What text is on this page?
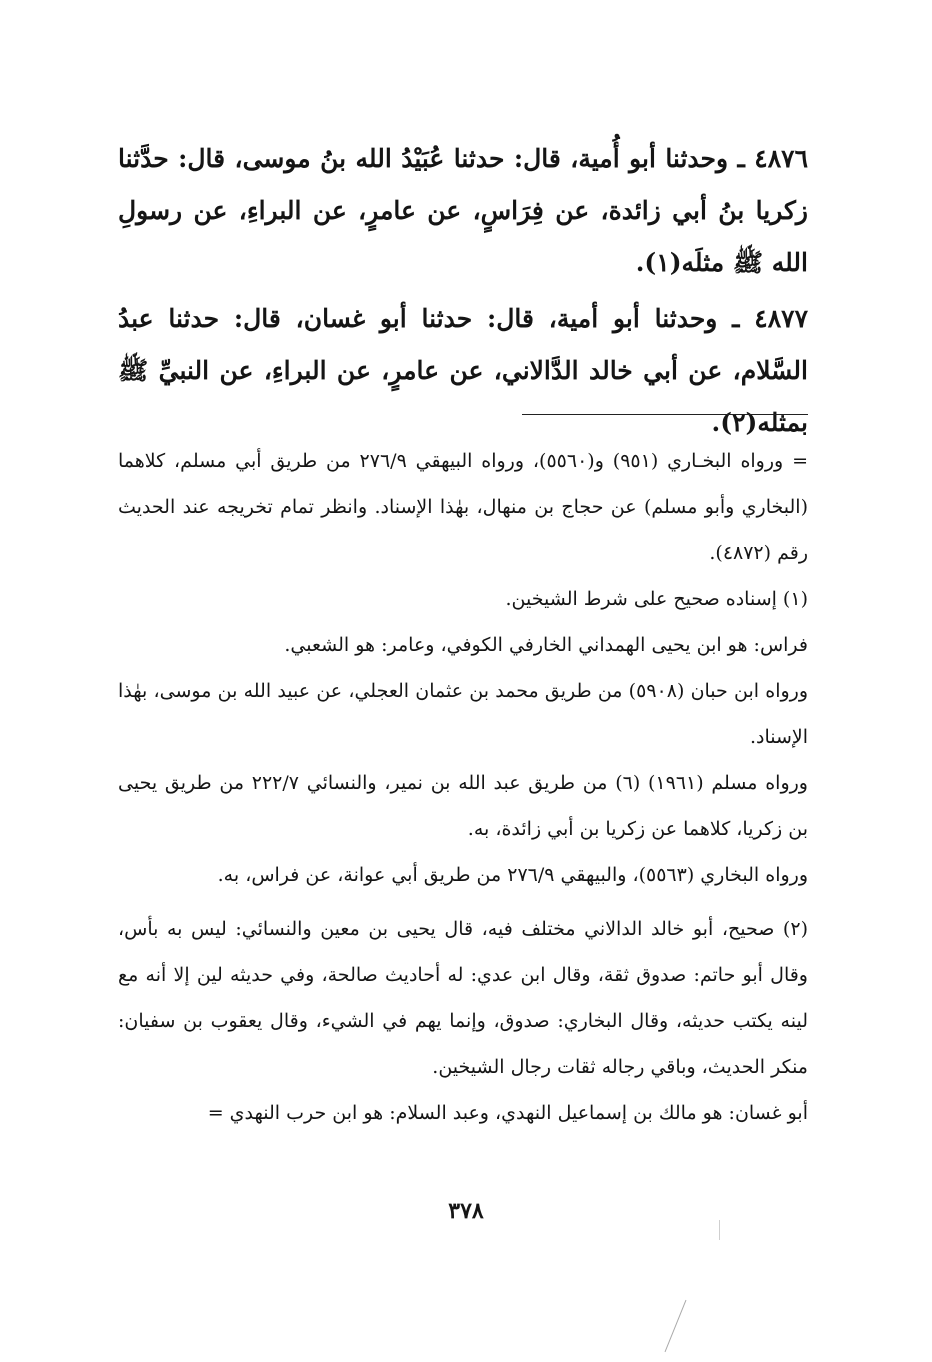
٤٨٧٦ ـ وحدثنا أبو أُمية، قال: حدثنا عُبَيْدُ الله بنُ موسى، قال: حدَّثنا زكريا بنُ أبي زائدة، عن فِرَاسٍ، عن عامرٍ، عن البراءِ، عن رسولِ الله ﷺ مثلَه(١).

٤٨٧٧ ـ وحدثنا أبو أمية، قال: حدثنا أبو غسان، قال: حدثنا عبدُ السَّلام، عن أبي خالد الدَّالاني، عن عامرٍ، عن البراءِ، عن النبيِّ ﷺ بمثله(٢).

= ورواه البخـاري (٩٥١) و(٥٥٦٠)، ورواه البيهقي ٢٧٦/٩ من طريق أبي مسلم، كلاهما (البخاري وأبو مسلم) عن حجاج بن منهال، بهٰذا الإسناد. وانظر تمام تخريجه عند الحديث رقم (٤٨٧٢).

(١) إسناده صحيح على شرط الشيخين.

فراس: هو ابن يحيى الهمداني الخارفي الكوفي، وعامر: هو الشعبي.

ورواه ابن حبان (٥٩٠٨) من طريق محمد بن عثمان العجلي، عن عبيد الله بن موسى، بهٰذا الإسناد.

ورواه مسلم (١٩٦١) (٦) من طريق عبد الله بن نمير، والنسائي ٢٢٢/٧ من طريق يحيى بن زكريا، كلاهما عن زكريا بن أبي زائدة، به.

ورواه البخاري (٥٥٦٣)، والبيهقي ٢٧٦/٩ من طريق أبي عوانة، عن فراس، به.

(٢) صحيح، أبو خالد الدالاني مختلف فيه، قال يحيى بن معين والنسائي: ليس به بأس، وقال أبو حاتم: صدوق ثقة، وقال ابن عدي: له أحاديث صالحة، وفي حديثه لين إلا أنه مع لينه يكتب حديثه، وقال البخاري: صدوق، وإنما يهم في الشيء، وقال يعقوب بن سفيان: منكر الحديث، وباقي رجاله ثقات رجال الشيخين.

أبو غسان: هو مالك بن إسماعيل النهدي، وعبد السلام: هو ابن حرب النهدي =

٣٧٨
